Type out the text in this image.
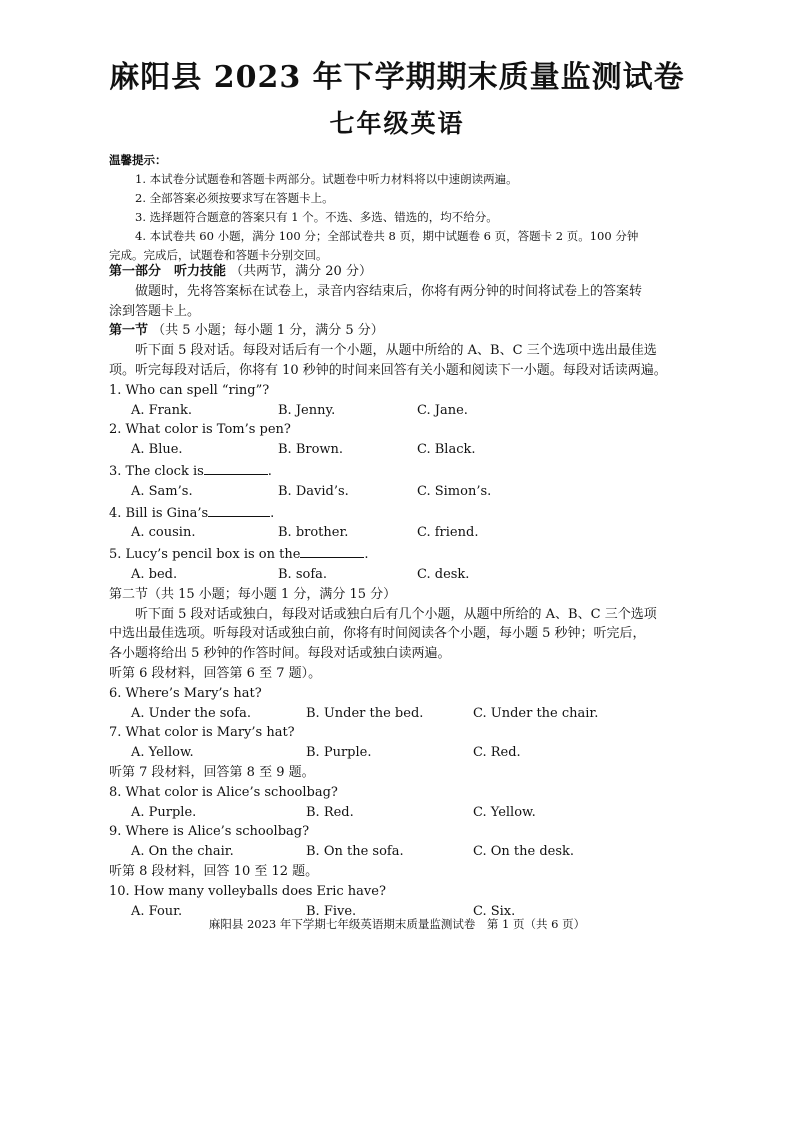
麻阳县 2023 年下学期期末质量监测试卷
七年级英语
温馨提示：
1. 本试卷分试题卷和答题卡两部分。试题卷中听力材料将以中速朗读两遍。
2. 全部答案必须按要求写在答题卡上。
3. 选择题符合题意的答案只有 1 个。不选、多选、错选的，均不给分。
4. 本试卷共 60 小题，满分 100 分；全部试卷共 8 页，期中试题卷 6 页，答题卡 2 页。100 分钟
完成。完成后，试题卷和答题卡分别交回。
第一部分　听力技能 （共两节，满分 20 分）
做题时，先将答案标在试卷上，录音内容结束后，你将有两分钟的时间将试卷上的答案转
涂到答题卡上。
第一节 （共 5 小题；每小题 1 分，满分 5 分）
听下面 5 段对话。每段对话后有一个小题，从题中所给的 A、B、C 三个选项中选出最佳选
项。听完每段对话后，你将有 10 秒钟的时间来回答有关小题和阅读下一小题。每段对话读两遍。
1. Who can spell “ring”?
A. Frank.	B. Jenny.	C. Jane.
2. What color is Tom’s pen?
A. Blue.	B. Brown.	C. Black.
3. The clock is	.
A. Sam’s.	B. David’s.	C. Simon’s.
4. Bill is Gina’s	.
A. cousin.	B. brother.	C. friend.
5. Lucy’s pencil box is on the	.
A. bed.	B. sofa.	C. desk.
第二节（共 15 小题；每小题 1 分，满分 15 分）
听下面 5 段对话或独白，每段对话或独白后有几个小题，从题中所给的 A、B、C 三个选项
中选出最佳选项。听每段对话或独白前，你将有时间阅读各个小题，每小题 5 秒钟；听完后，
各小题将给出 5 秒钟的作答时间。每段对话或独白读两遍。
听第 6 段材料，回答第 6 至 7 题）。
6. Where’s Mary’s hat?
A. Under the sofa.	B. Under the bed.	C. Under the chair.
7. What color is Mary’s hat?
A. Yellow.	B. Purple.	C. Red.
听第 7 段材料，回答第 8 至 9 题。
8. What color is Alice’s schoolbag?
A. Purple.	B. Red.	C. Yellow.
9. Where is Alice’s schoolbag?
A. On the chair.	B. On the sofa.	C. On the desk.
听第 8 段材料，回答 10 至 12 题。
10. How many volleyballs does Eric have?
A. Four.	B. Five.	C. Six.
麻阳县 2023 年下学期七年级英语期末质量监测试卷　第 1 页（共 6 页）
